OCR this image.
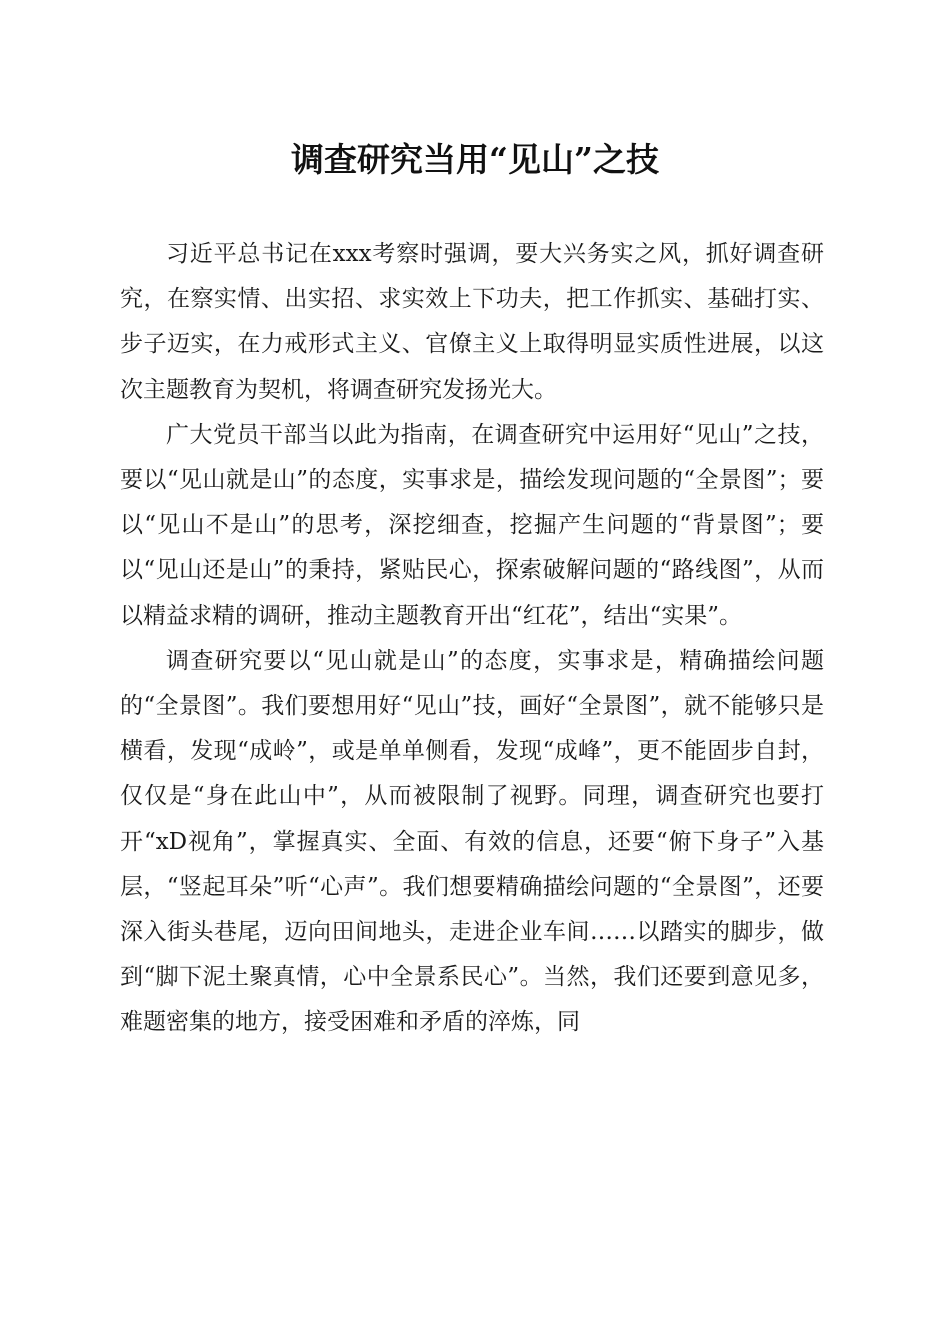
调查研究当用“见山”之技

习近平总书记在xxx考察时强调，要大兴务实之风，抓好调查研究，在察实情、出实招、求实效上下功夫，把工作抓实、基础打实、步子迈实，在力戒形式主义、官僚主义上取得明显实质性进展，以这次主题教育为契机，将调查研究发扬光大。

广大党员干部当以此为指南，在调查研究中运用好“见山”之技，要以“见山就是山”的态度，实事求是，描绘发现问题的“全景图”；要以“见山不是山”的思考，深挖细查，挖掘产生问题的“背景图”；要以“见山还是山”的秉持，紧贴民心，探索破解问题的“路线图”，从而以精益求精的调研，推动主题教育开出“红花”，结出“实果”。

调查研究要以“见山就是山”的态度，实事求是，精确描绘问题的“全景图”。我们要想用好“见山”技，画好“全景图”，就不能够只是横看，发现“成岭”，或是单单侧看，发现“成峰”，更不能固步自封，仅仅是“身在此山中”，从而被限制了视野。同理，调查研究也要打开“xD视角”，掌握真实、全面、有效的信息，还要“俯下身子”入基层，“竖起耳朵”听“心声”。我们想要精确描绘问题的“全景图”，还要深入街头巷尾，迈向田间地头，走进企业车间……以踏实的脚步，做到“脚下泥土聚真情，心中全景系民心”。当然，我们还要到意见多，难题密集的地方，接受困难和矛盾的淬炼，同
